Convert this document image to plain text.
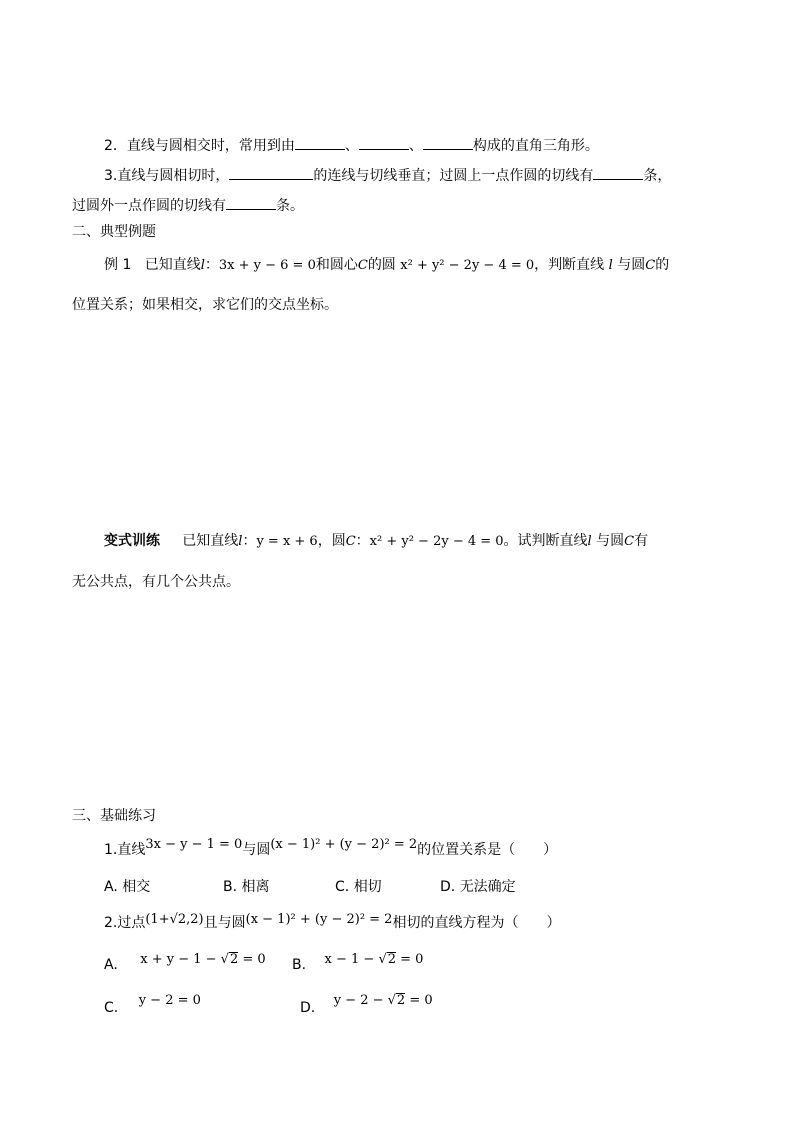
2．直线与圆相交时，常用到由	、	、	构成的直角三角形。
3.直线与圆相切时，	的连线与切线垂直；过圆上一点作圆的切线有	条，
过圆外一点作圆的切线有	条。
二、典型例题
例 1 已知直线l：3x + y − 6 = 0和圆心C的圆 x² + y² − 2y − 4 = 0，判断直线 l 与圆C的
位置关系；如果相交，求它们的交点坐标。
变式训练 已知直线l：y = x + 6，圆C：x² + y² − 2y − 4 = 0。试判断直线l 与圆C有
无公共点，有几个公共点。
三、基础练习
1.直线3x − y − 1 = 0与圆(x − 1)² + (y − 2)² = 2的位置关系是（　　）
A. 相交	B. 相离	C. 相切	D. 无法确定
2.过点(1+√2,2)且与圆(x − 1)² + (y − 2)² = 2相切的直线方程为（　　）
A. x + y − 1 − √2 = 0 B. x − 1 − √2 = 0
C. y − 2 = 0	D. y − 2 − √2 = 0
